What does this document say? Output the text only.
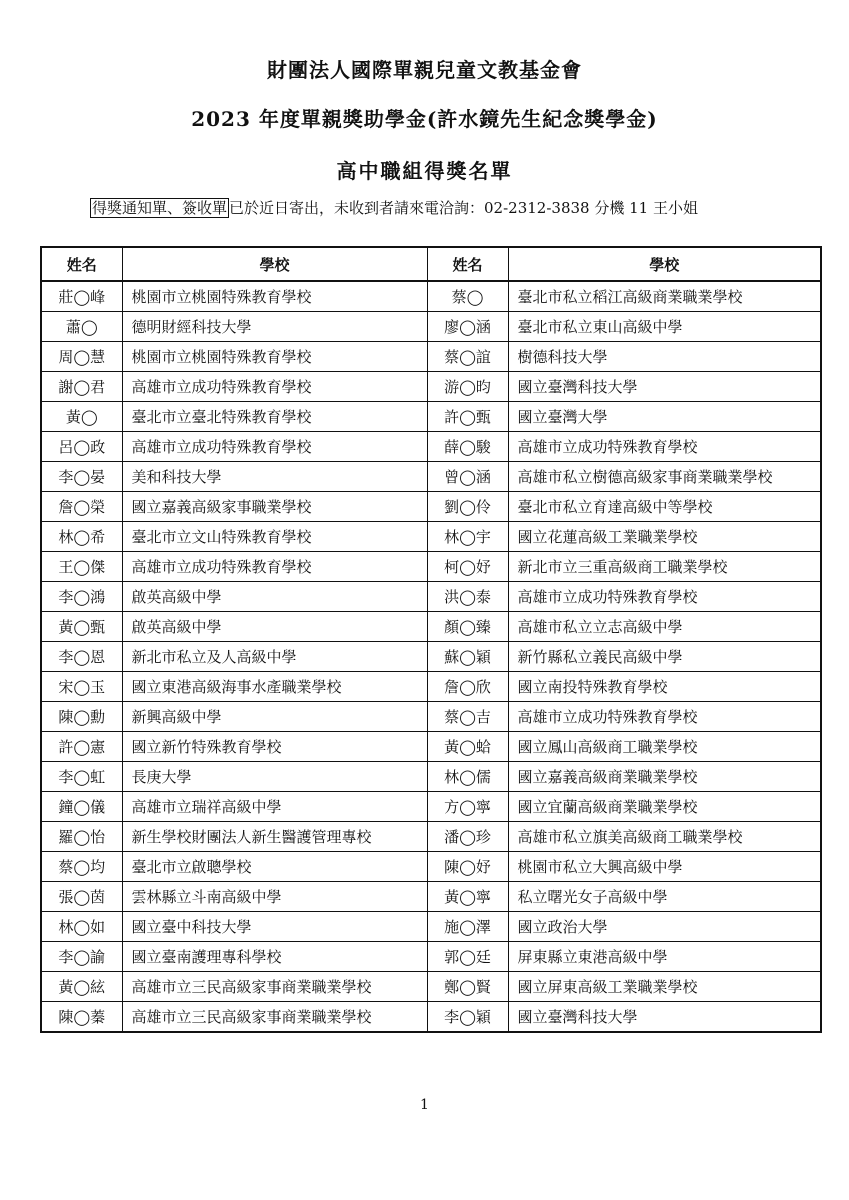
財團法人國際單親兒童文教基金會
2023 年度單親獎助學金(許水鏡先生紀念獎學金)
高中職組得獎名單
得獎通知單、簽收單 已於近日寄出，未收到者請來電洽詢：02-2312-3838 分機 11 王小姐
姓名	學校	姓名	學校
莊◯峰	桃園市立桃園特殊教育學校	蔡◯	臺北市私立稻江高級商業職業學校
蕭◯	德明財經科技大學	廖◯涵	臺北市私立東山高級中學
周◯慧	桃園市立桃園特殊教育學校	蔡◯誼	樹德科技大學
謝◯君	高雄市立成功特殊教育學校	游◯昀	國立臺灣科技大學
黃◯	臺北市立臺北特殊教育學校	許◯甄	國立臺灣大學
呂◯政	高雄市立成功特殊教育學校	薛◯駿	高雄市立成功特殊教育學校
李◯晏	美和科技大學	曾◯涵	高雄市私立樹德高級家事商業職業學校
詹◯榮	國立嘉義高級家事職業學校	劉◯伶	臺北市私立育達高級中等學校
林◯希	臺北市立文山特殊教育學校	林◯宇	國立花蓮高級工業職業學校
王◯傑	高雄市立成功特殊教育學校	柯◯妤	新北市立三重高級商工職業學校
李◯鴻	啟英高級中學	洪◯泰	高雄市立成功特殊教育學校
黃◯甄	啟英高級中學	顏◯臻	高雄市私立立志高級中學
李◯恩	新北市私立及人高級中學	蘇◯穎	新竹縣私立義民高級中學
宋◯玉	國立東港高級海事水產職業學校	詹◯欣	國立南投特殊教育學校
陳◯勳	新興高級中學	蔡◯吉	高雄市立成功特殊教育學校
許◯憲	國立新竹特殊教育學校	黃◯蛤	國立鳳山高級商工職業學校
李◯虹	長庚大學	林◯儒	國立嘉義高級商業職業學校
鐘◯儀	高雄市立瑞祥高級中學	方◯寧	國立宜蘭高級商業職業學校
羅◯怡	新生學校財團法人新生醫護管理專校	潘◯珍	高雄市私立旗美高級商工職業學校
蔡◯均	臺北市立啟聰學校	陳◯妤	桃園市私立大興高級中學
張◯茵	雲林縣立斗南高級中學	黃◯寧	私立曙光女子高級中學
林◯如	國立臺中科技大學	施◯澤	國立政治大學
李◯諭	國立臺南護理專科學校	郭◯廷	屏東縣立東港高級中學
黃◯絃	高雄市立三民高級家事商業職業學校	鄭◯賢	國立屏東高級工業職業學校
陳◯蓁	高雄市立三民高級家事商業職業學校	李◯穎	國立臺灣科技大學
1
